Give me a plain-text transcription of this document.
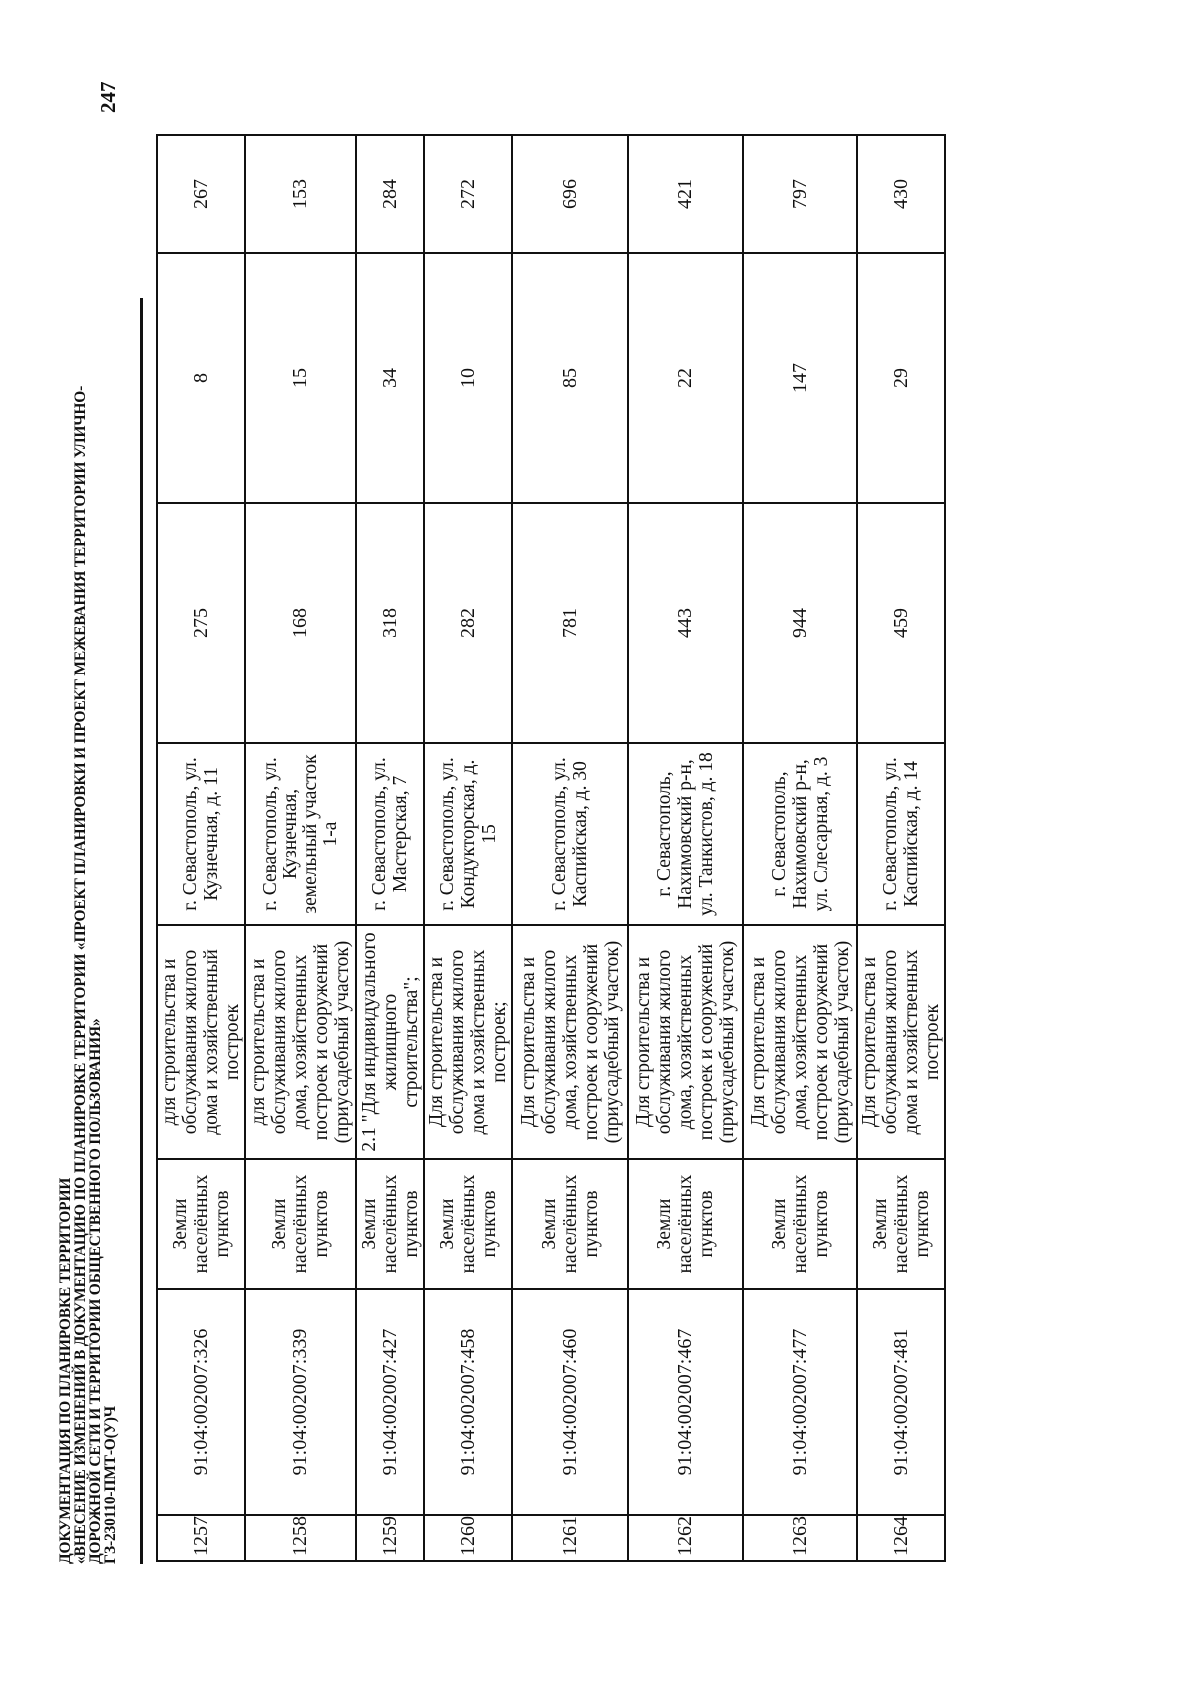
ДОКУМЕНТАЦИЯ ПО ПЛАНИРОВКЕ ТЕРРИТОРИИ
«ВНЕСЕНИЕ ИЗМЕНЕНИЙ В ДОКУМЕНТАЦИЮ ПО ПЛАНИРОВКЕ ТЕРРИТОРИИ «ПРОЕКТ ПЛАНИРОВКИ И ПРОЕКТ МЕЖЕВАНИЯ ТЕРРИТОРИИ УЛИЧНО-
ДОРОЖНОЙ СЕТИ И ТЕРРИТОРИИ ОБЩЕСТВЕННОГО ПОЛЬЗОВАНИЯ»
ГЗ-230110-ПМТ-О(У)Ч
247
1257	91:04:002007:326	Земли населённых пунктов	для строительства и обслуживания жилого дома и хозяйственный построек	г. Севастополь, ул. Кузнечная, д. 11	275	8	267
1258	91:04:002007:339	Земли населённых пунктов	для строительства и обслуживания жилого дома, хозяйственных построек и сооружений (приусадебный участок)	г. Севастополь, ул. Кузнечная, земельный участок 1-а	168	15	153
1259	91:04:002007:427	Земли населённых пунктов	2.1 "Для индивидуального жилищного строительства";	г. Севастополь, ул. Мастерская, 7	318	34	284
1260	91:04:002007:458	Земли населённых пунктов	Для строительства и обслуживания жилого дома и хозяйственных построек;	г. Севастополь, ул. Кондукторская, д. 15	282	10	272
1261	91:04:002007:460	Земли населённых пунктов	Для строительства и обслуживания жилого дома, хозяйственных построек и сооружений (приусадебный участок)	г. Севастополь, ул. Каспийская, д. 30	781	85	696
1262	91:04:002007:467	Земли населённых пунктов	Для строительства и обслуживания жилого дома, хозяйственных построек и сооружений (приусадебный участок)	г. Севастополь, Нахимовский р-н, ул. Танкистов, д. 18	443	22	421
1263	91:04:002007:477	Земли населённых пунктов	Для строительства и обслуживания жилого дома, хозяйственных построек и сооружений (приусадебный участок)	г. Севастополь, Нахимовский р-н, ул. Слесарная, д. 3	944	147	797
1264	91:04:002007:481	Земли населённых пунктов	Для строительства и обслуживания жилого дома и хозяйственных построек	г. Севастополь, ул. Каспийская, д. 14	459	29	430
